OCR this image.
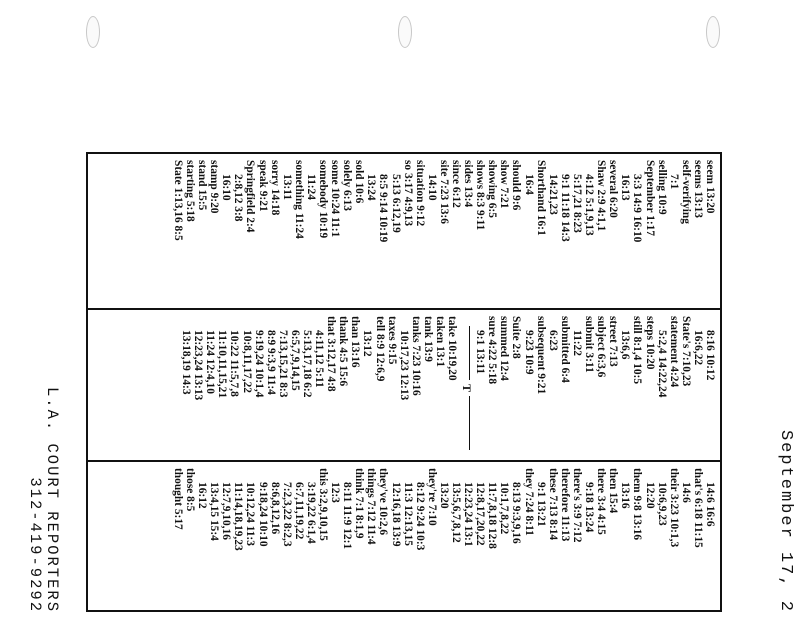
September 17, 2
seem 13:20
seems 13:13
self-verifying
7:1
selling 10:9
September 1:17
3:3 14:9 16:10
16:13
several 6:20
Shaw 2:9 4:1,1
4:12 5:1,9,13
5:17,21 8:23
9:1 11:18 14:3
14:21,23
Shorthand 16:1
16:4
should 9:6
show 7:21
showing 6:5
shows 8:3 9:11
sides 13:4
since 6:12
site 7:23 13:6
14:10
situation 9:12
so 3:17 4:9,13
5:13 6:12,19
8:5 9:14 10:19
13:24
sold 10:6
solely 6:13
some 10:24 11:1
somebody 10:19
11:24
something 11:24
13:11
sorry 14:18
speak 9:21
Springfield 2:4
2:8,12 3:8
16:10
stamp 9:20
stand 15:5
starting 5:18
State 1:13,16 8:5
8:16 10:12
16:6,22
State's 7:10,23
statement 4:24
5:2,4 14:22,24
steps 10:20
still 8:1,4 10:5
13:6,6
street 7:13
subject 6:3,6
submit 3:11
11:22
submitted 6:4
6:23
subsequent 9:21
9:23 10:9
Suite 2:8
summed 12:4
sure 4:22 5:18
9:1 13:11
T
take 10:19,20
taken 13:1
tank 13:9
tanks 7:23 10:16
10:17,23 12:13
taxes 9:15
tell 8:9 12:6,9
13:12
than 13:16
thank 4:5 15:6
that 3:12,17 4:8
4:11,12 5:11
5:13,17,18 6:2
6:5,7,9,14,15
7:13,15,21 8:3
8:9 9:3,9 11:4
9:19,24 10:1,4
10:8,11,17,22
10:22 11:5,7,8
11:10,11,15,21
11:24 12:4,10
12:23,24 13:13
13:18,19 14:3
14:6 16:6
that's 6:18 11:15
14:6
their 3:23 10:1,3
10:6,9,23
12:20
them 9:8 13:16
13:16
then 15:4
there 3:4 4:15
9:18 13:24
there's 3:9 7:12
therefore 11:13
these 7:13 8:14
9:1 13:21
they 7:24 8:11
8:13 9:3,9,16
10:1,7,8,22
11:7,8,18 12:8
12:8,17,20,22
12:23,24 13:1
13:5,6,7,8,12
13:20
they're 7:10
8:12 9:24 10:3
11:3 12:13,15
12:16,18 13:9
they've 10:2,6
things 7:12 11:4
think 7:1 8:1,9
8:11 11:9 12:1
12:3
this 3:2,9,10,15
3:19,22 6:1,4
6:7,11,19,22
7:2,3,22 8:2,3
8:6,8,12,16
9:18,24 10:10
10:12,24 11:3
11:14,18,19,23
12:7,9,10,16
13:4,15 15:4
16:12
those 8:5
thought 5:17
L.A. COURT REPORTERS
312-419-9292
